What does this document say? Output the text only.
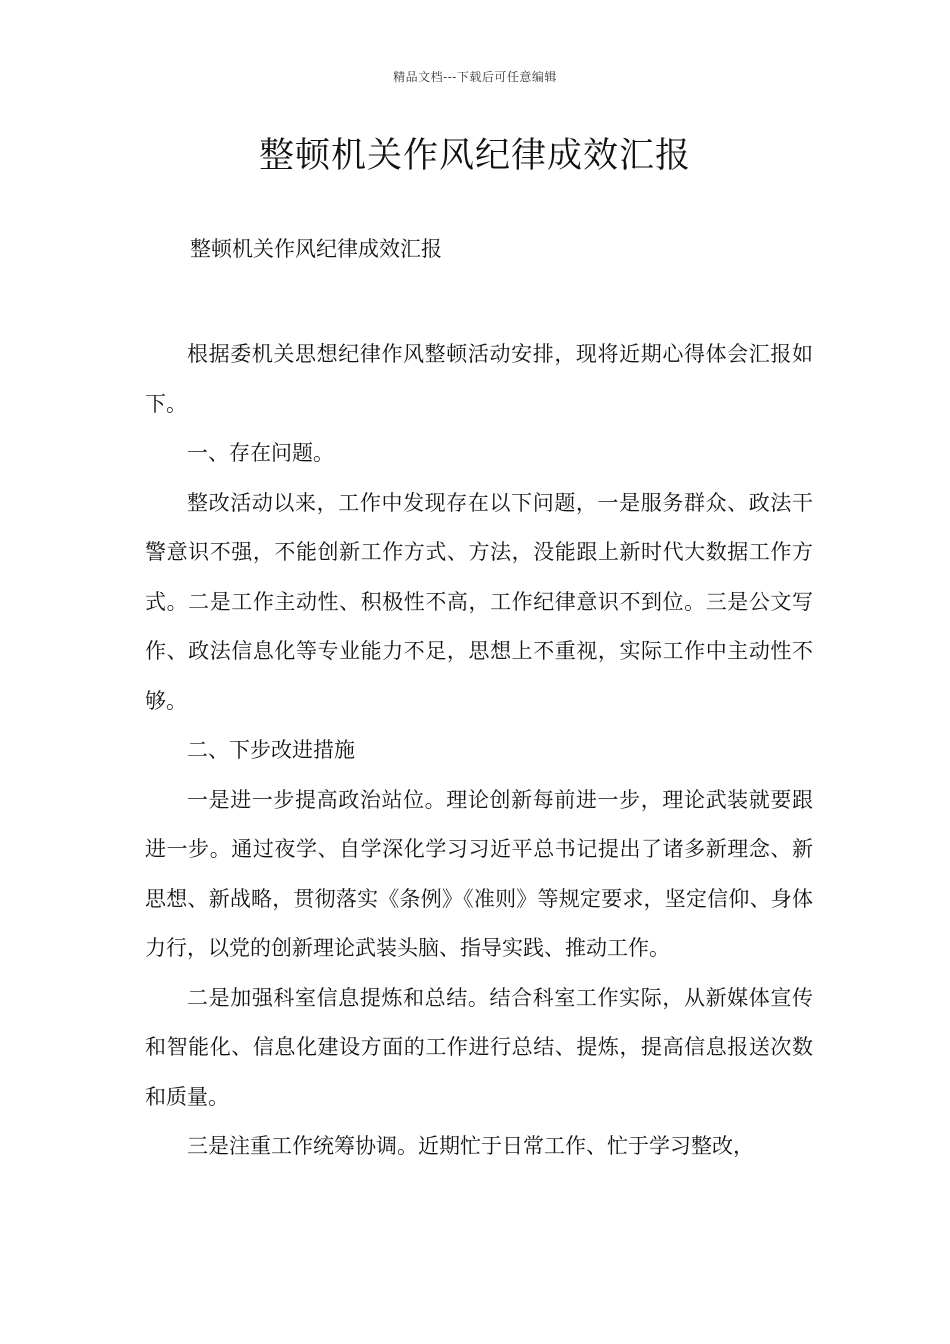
精品文档---下载后可任意编辑
整顿机关作风纪律成效汇报

整顿机关作风纪律成效汇报

根据委机关思想纪律作风整顿活动安排，现将近期心得体会汇报如下。

一、存在问题。

整改活动以来，工作中发现存在以下问题，一是服务群众、政法干警意识不强，不能创新工作方式、方法，没能跟上新时代大数据工作方式。二是工作主动性、积极性不高，工作纪律意识不到位。三是公文写作、政法信息化等专业能力不足，思想上不重视，实际工作中主动性不够。

二、下步改进措施

一是进一步提高政治站位。理论创新每前进一步，理论武装就要跟进一步。通过夜学、自学深化学习习近平总书记提出了诸多新理念、新思想、新战略，贯彻落实《条例》《准则》等规定要求，坚定信仰、身体力行，以党的创新理论武装头脑、指导实践、推动工作。

二是加强科室信息提炼和总结。结合科室工作实际，从新媒体宣传和智能化、信息化建设方面的工作进行总结、提炼，提高信息报送次数和质量。

三是注重工作统筹协调。近期忙于日常工作、忙于学习整改，
